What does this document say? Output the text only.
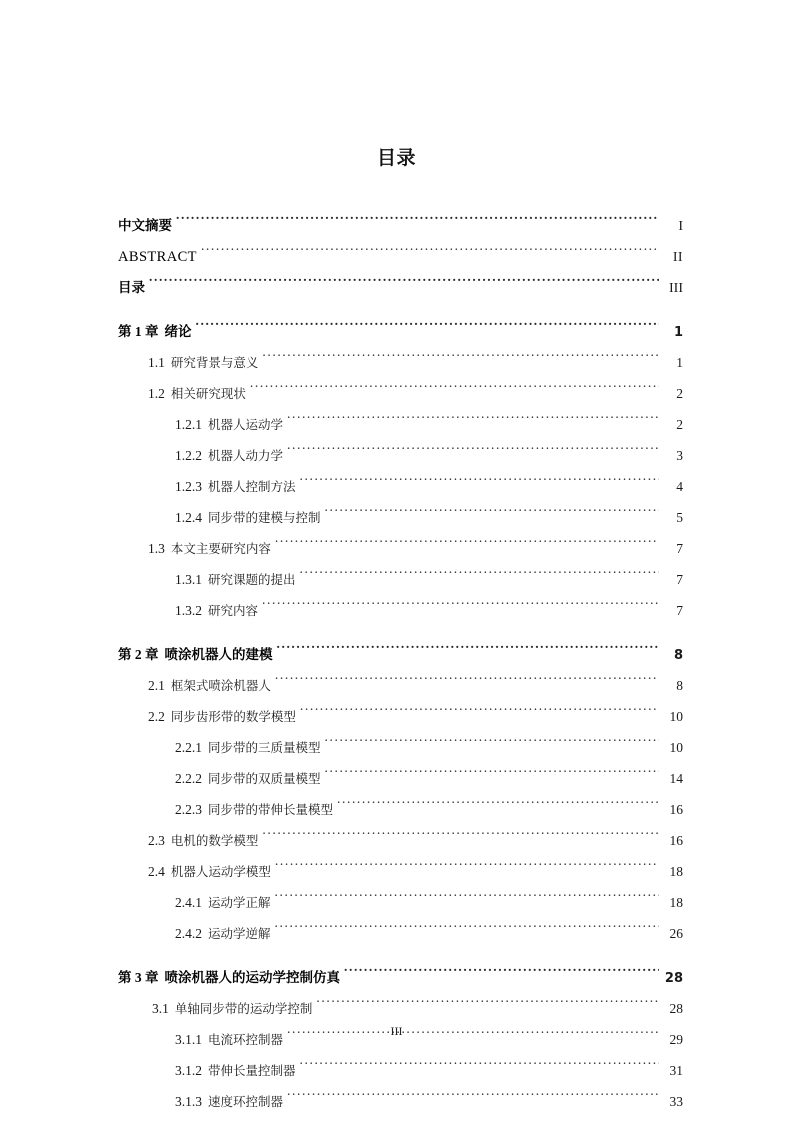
目录
中文摘要 .....	I
ABSTRACT .....	II
目录 .....	III
第 1 章 绪论 .....	1
1.1 研究背景与意义 .....	1
1.2 相关研究现状 .....	2
1.2.1 机器人运动学 .....	2
1.2.2 机器人动力学 .....	3
1.2.3 机器人控制方法 .....	4
1.2.4 同步带的建模与控制 .....	5
1.3 本文主要研究内容 .....	7
1.3.1 研究课题的提出 .....	7
1.3.2 研究内容 .....	7
第 2 章 喷涂机器人的建模 .....	8
2.1 框架式喷涂机器人 .....	8
2.2 同步齿形带的数学模型 .....	10
2.2.1 同步带的三质量模型 .....	10
2.2.2 同步带的双质量模型 .....	14
2.2.3 同步带的带伸长量模型 .....	16
2.3 电机的数学模型 .....	16
2.4 机器人运动学模型 .....	18
2.4.1 运动学正解 .....	18
2.4.2 运动学逆解 .....	26
第 3 章 喷涂机器人的运动学控制仿真 .....	28
3.1 单轴同步带的运动学控制 .....	28
3.1.1 电流环控制器 .....	29
3.1.2 带伸长量控制器 .....	31
3.1.3 速度环控制器 .....	33
III
